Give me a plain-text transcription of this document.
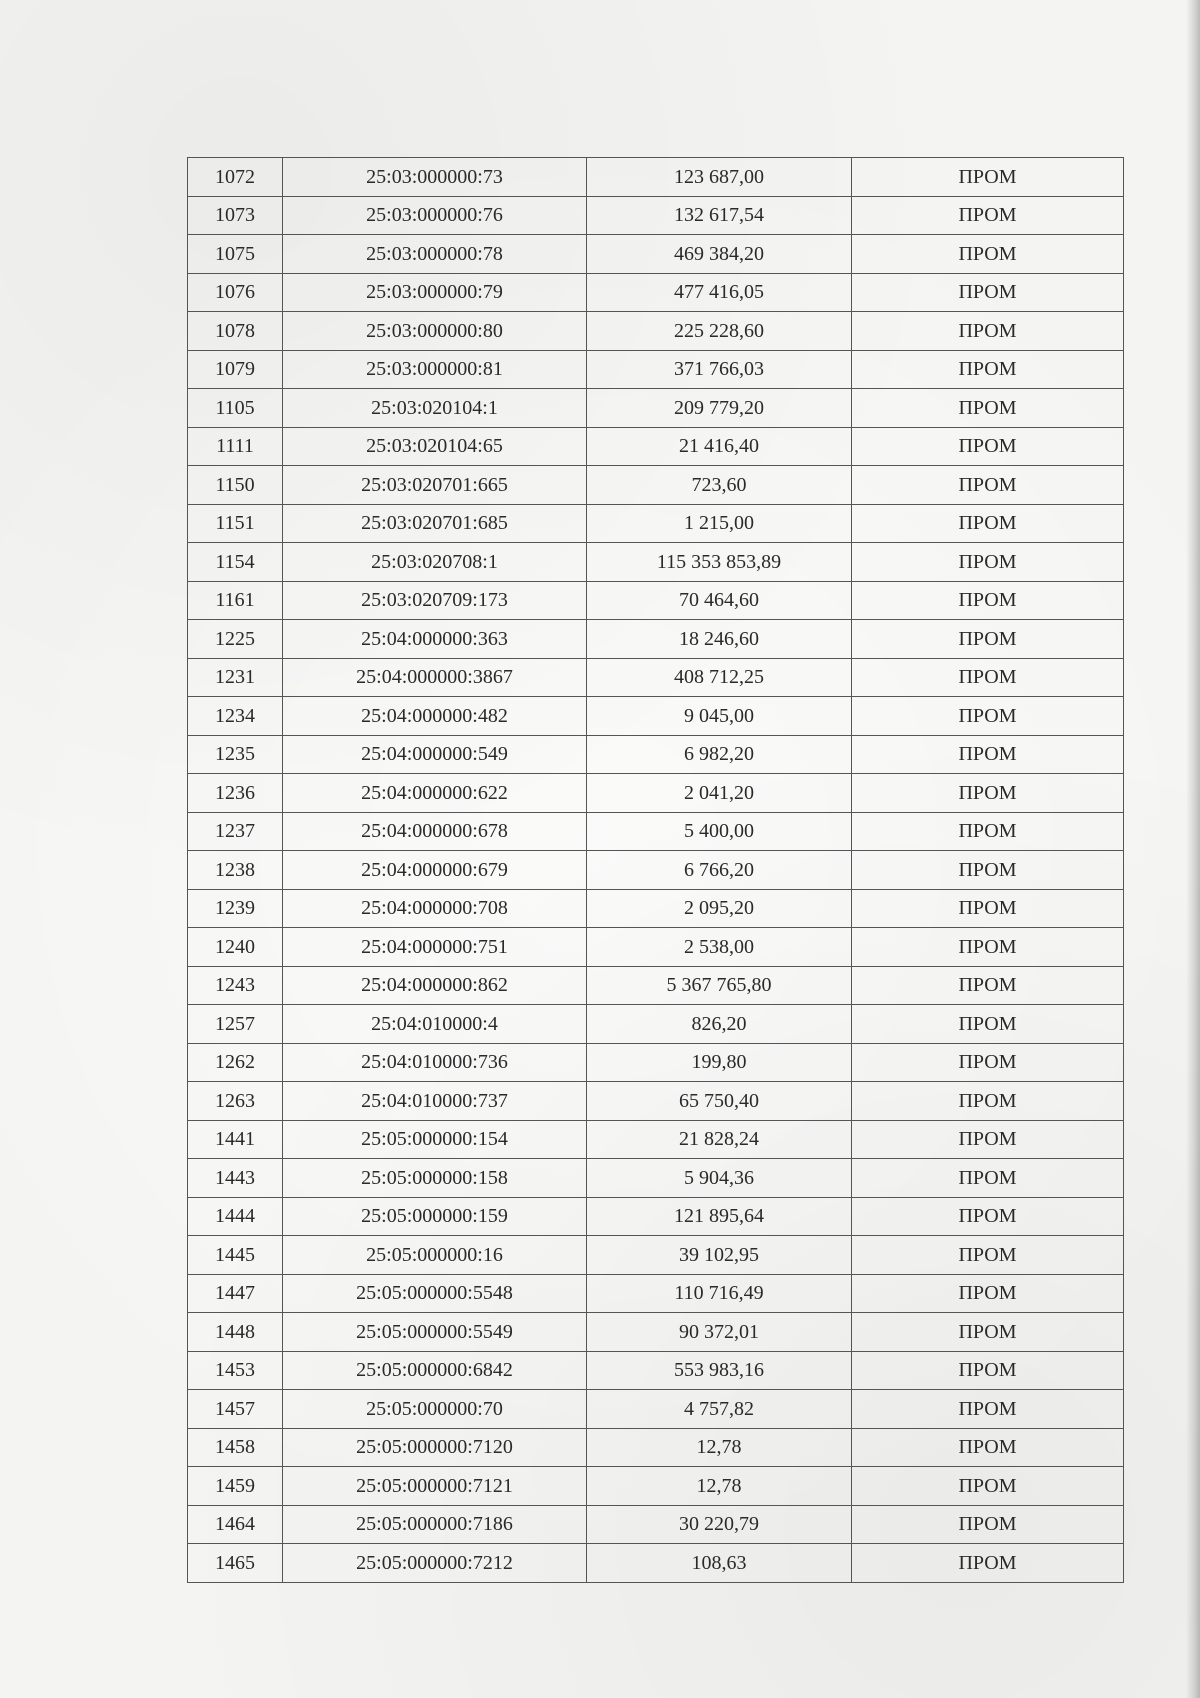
1072	25:03:000000:73	123 687,00	ПРОМ
1073	25:03:000000:76	132 617,54	ПРОМ
1075	25:03:000000:78	469 384,20	ПРОМ
1076	25:03:000000:79	477 416,05	ПРОМ
1078	25:03:000000:80	225 228,60	ПРОМ
1079	25:03:000000:81	371 766,03	ПРОМ
1105	25:03:020104:1	209 779,20	ПРОМ
1111	25:03:020104:65	21 416,40	ПРОМ
1150	25:03:020701:665	723,60	ПРОМ
1151	25:03:020701:685	1 215,00	ПРОМ
1154	25:03:020708:1	115 353 853,89	ПРОМ
1161	25:03:020709:173	70 464,60	ПРОМ
1225	25:04:000000:363	18 246,60	ПРОМ
1231	25:04:000000:3867	408 712,25	ПРОМ
1234	25:04:000000:482	9 045,00	ПРОМ
1235	25:04:000000:549	6 982,20	ПРОМ
1236	25:04:000000:622	2 041,20	ПРОМ
1237	25:04:000000:678	5 400,00	ПРОМ
1238	25:04:000000:679	6 766,20	ПРОМ
1239	25:04:000000:708	2 095,20	ПРОМ
1240	25:04:000000:751	2 538,00	ПРОМ
1243	25:04:000000:862	5 367 765,80	ПРОМ
1257	25:04:010000:4	826,20	ПРОМ
1262	25:04:010000:736	199,80	ПРОМ
1263	25:04:010000:737	65 750,40	ПРОМ
1441	25:05:000000:154	21 828,24	ПРОМ
1443	25:05:000000:158	5 904,36	ПРОМ
1444	25:05:000000:159	121 895,64	ПРОМ
1445	25:05:000000:16	39 102,95	ПРОМ
1447	25:05:000000:5548	110 716,49	ПРОМ
1448	25:05:000000:5549	90 372,01	ПРОМ
1453	25:05:000000:6842	553 983,16	ПРОМ
1457	25:05:000000:70	4 757,82	ПРОМ
1458	25:05:000000:7120	12,78	ПРОМ
1459	25:05:000000:7121	12,78	ПРОМ
1464	25:05:000000:7186	30 220,79	ПРОМ
1465	25:05:000000:7212	108,63	ПРОМ
